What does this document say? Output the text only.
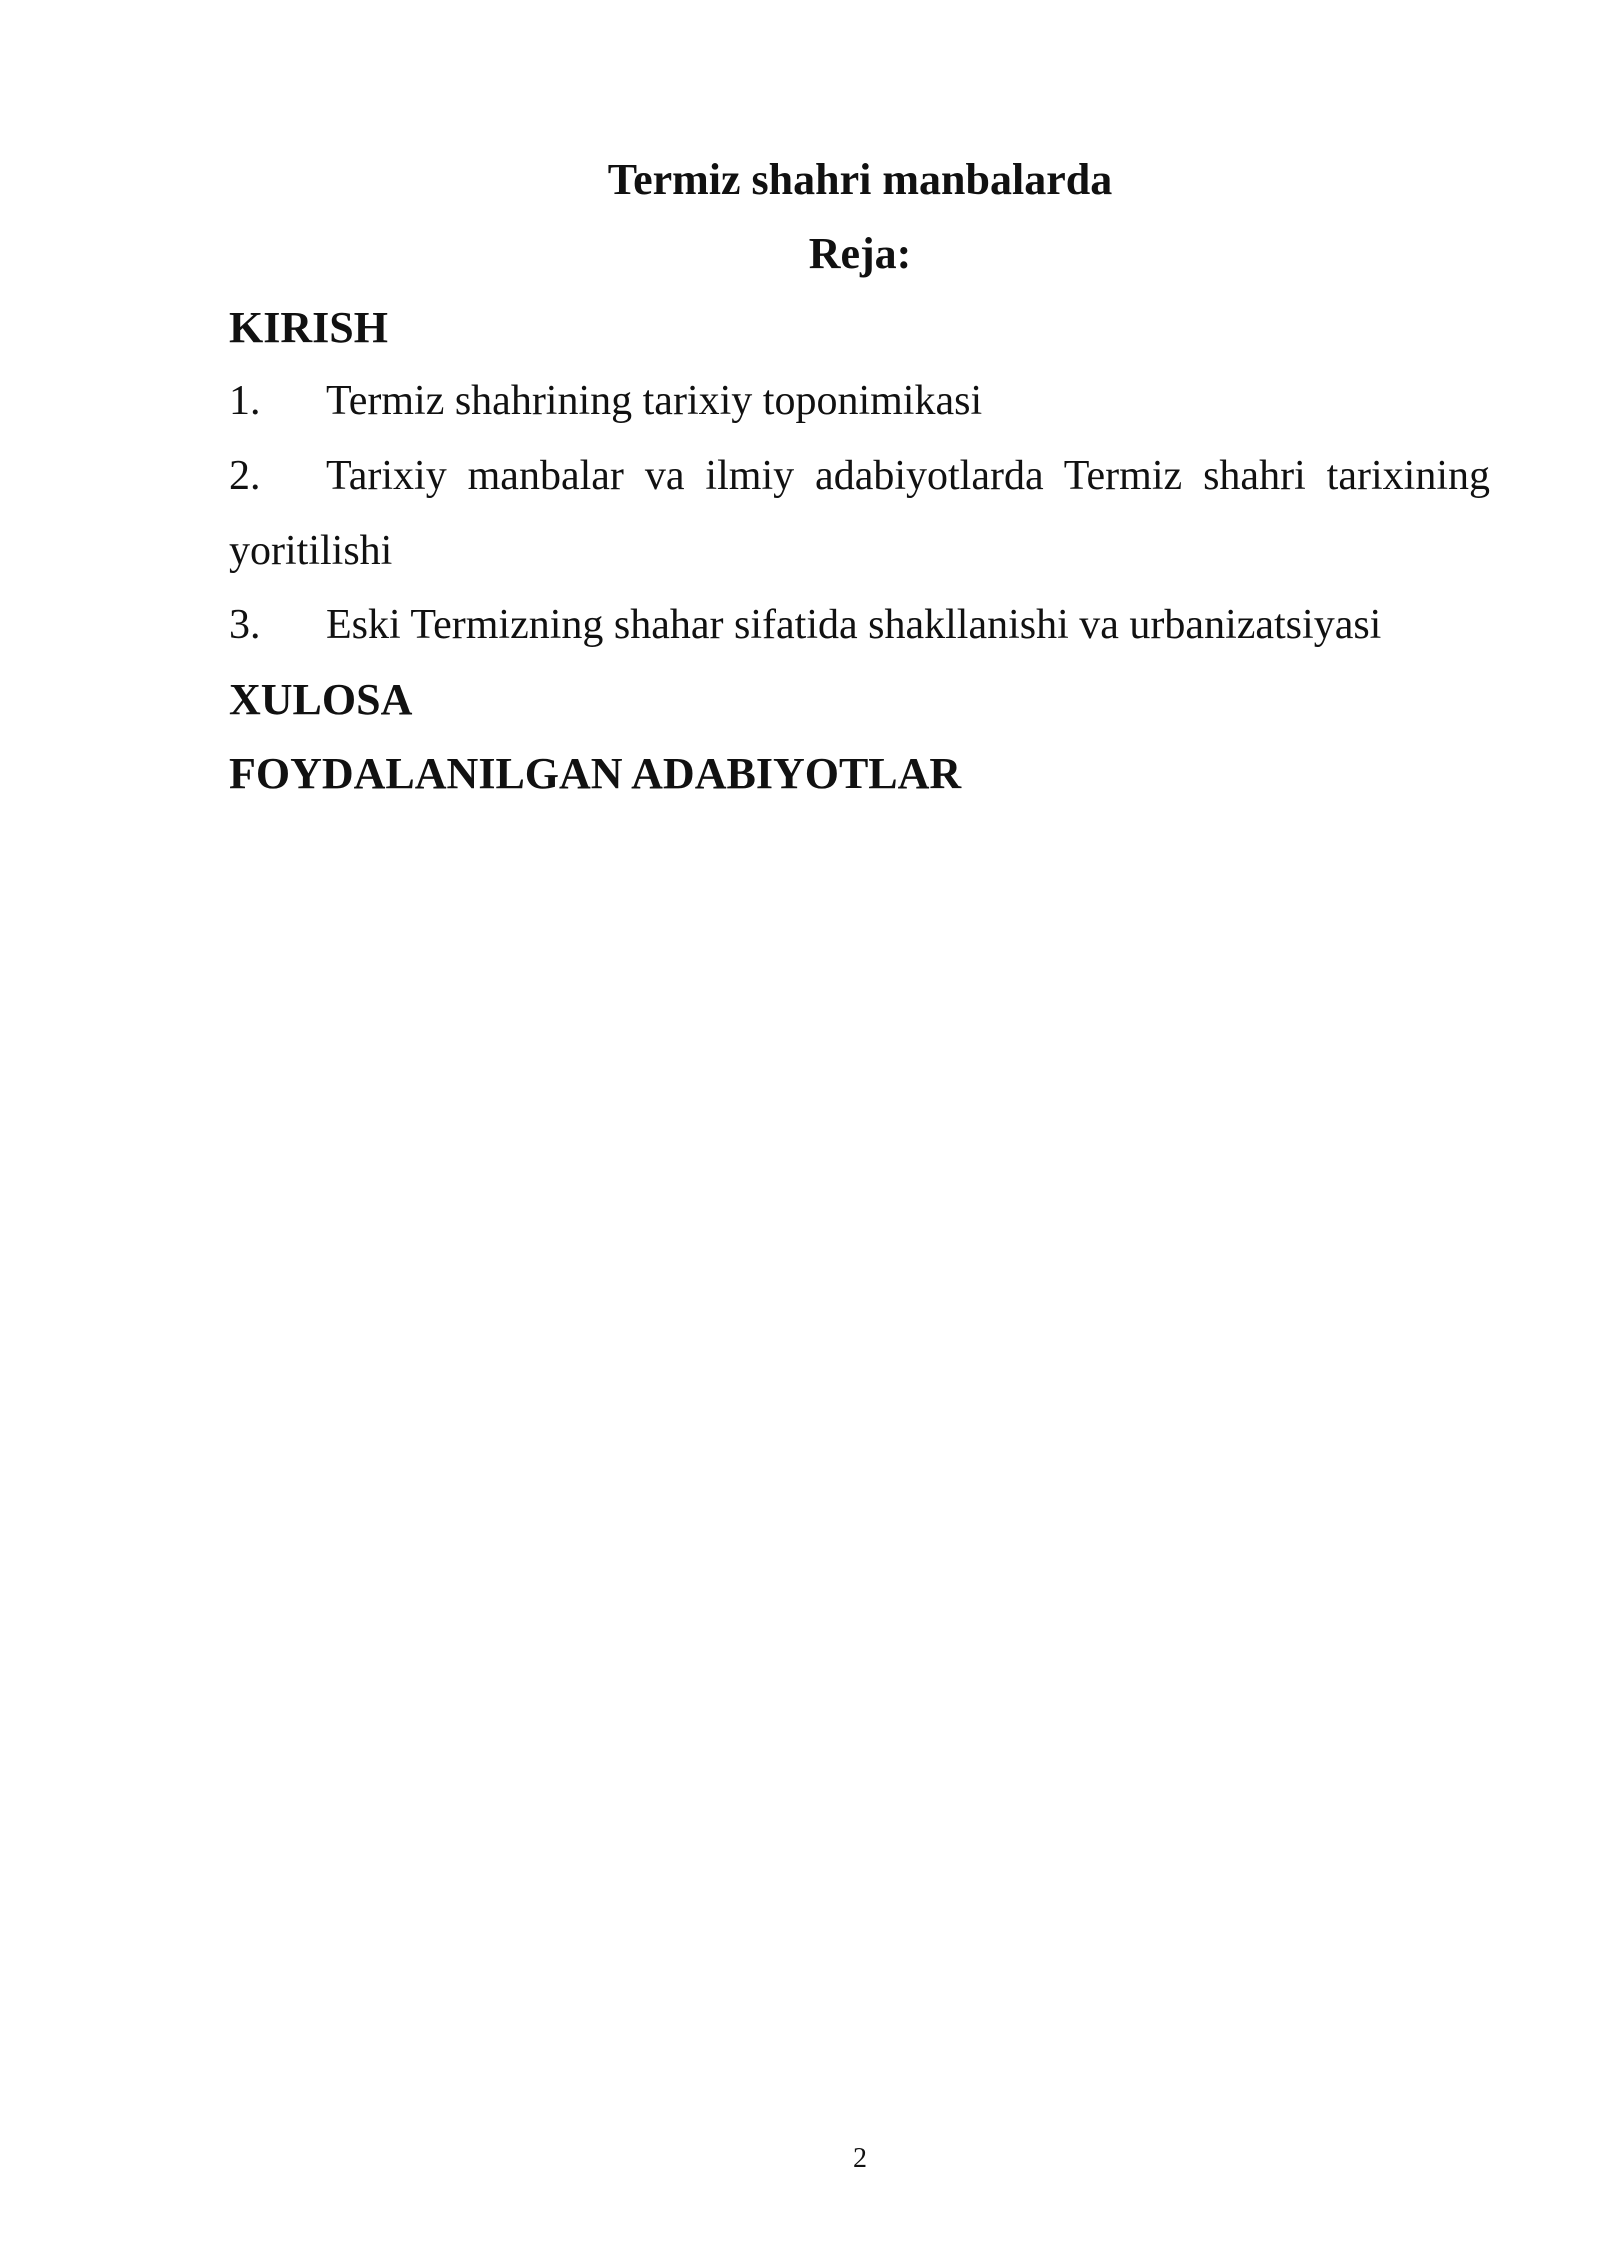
Termiz shahri manbalarda
Reja:
KIRISH
1. Termiz shahrining tarixiy toponimikasi
2. Tarixiy manbalar va ilmiy adabiyotlarda Termiz shahri tarixining yoritilishi
3. Eski Termizning shahar sifatida shakllanishi va urbanizatsiyasi
XULOSA
FOYDALANILGAN ADABIYOTLAR
2
